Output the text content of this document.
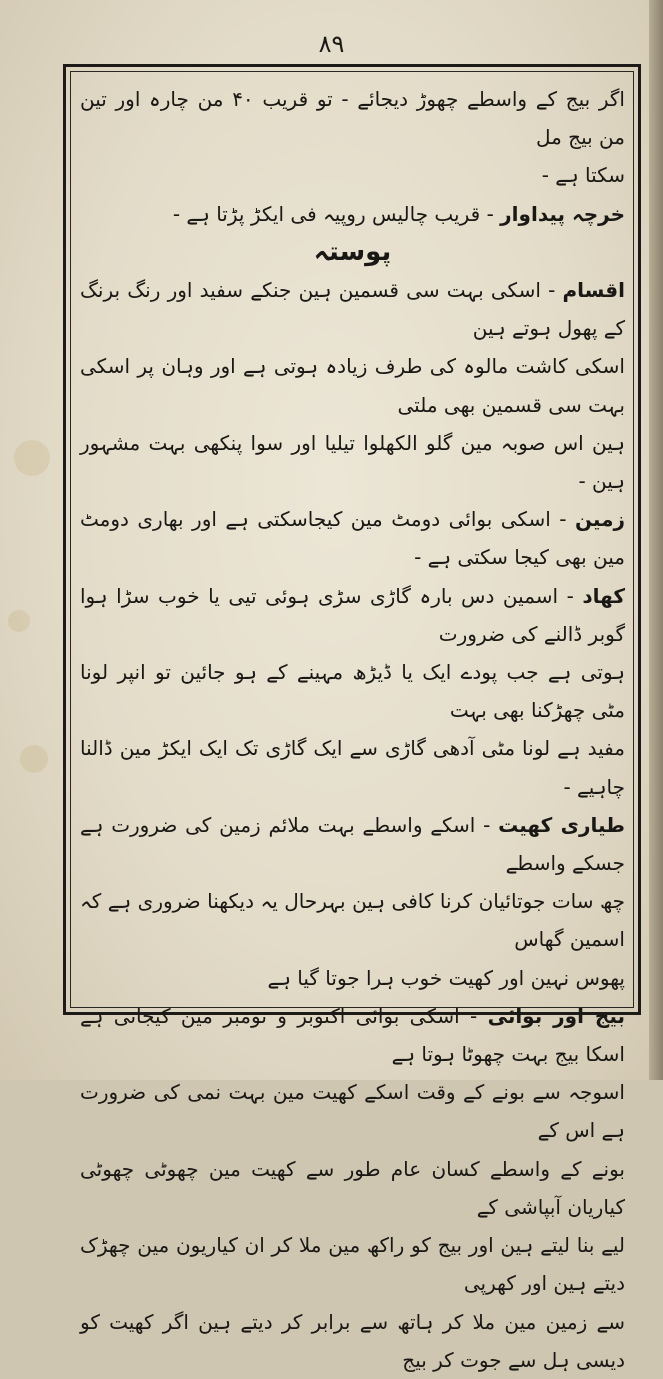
۸۹

اگر بیج کے واسطے چھوڑ دیجائے - تو قریب ۴۰ من چارہ اور تین من بیج مل

سکتا ہے -

خرچہ پیداوار - قریب چالیس روپیہ فی ایکڑ پڑتا ہے -

پوستہ

اقسام - اسکی بہت سی قسمین ہین جنکے سفید اور رنگ برنگ کے پھول ہوتے ہین

اسکی کاشت مالوہ کی طرف زیادہ ہوتی ہے اور وہان پر اسکی بہت سی قسمین بھی ملتی

ہین اس صوبہ مین گلو الکھلوا تیلیا اور سوا پنکھی بہت مشہور ہین -

زمین - اسکی بوائی دومٹ مین کیجاسکتی ہے اور بھاری دومٹ مین بھی کیجا سکتی ہے -

کھاد - اسمین دس بارہ گاڑی سڑی ہوئی تیی یا خوب سڑا ہوا گوبر ڈالنے کی ضرورت

ہوتی ہے جب پودے ایک یا ڈیڑھ مہینے کے ہو جائین تو انپر لونا مٹی چھڑکنا بھی بہت

مفید ہے لونا مٹی آدھی گاڑی سے ایک گاڑی تک ایک ایکڑ مین ڈالنا چاہیے -

طیاری کھیت - اسکے واسطے بہت ملائم زمین کی ضرورت ہے جسکے واسطے

چھ سات جوتائیان کرنا کافی ہین بہرحال یہ دیکھنا ضروری ہے کہ اسمین گھاس

پھوس نہین اور کھیت خوب ہرا جوتا گیا ہے

بیج اور بوائی - اسکی بوائی اکتوبر و نومبر مین کیجاتی ہے اسکا بیج بہت چھوٹا ہوتا ہے

اسوجہ سے بونے کے وقت اسکے کھیت مین بہت نمی کی ضرورت ہے اس کے

بونے کے واسطے کسان عام طور سے کھیت مین چھوٹی چھوٹی کیاریان آبپاشی کے

لیے بنا لیتے ہین اور بیج کو راکھ مین ملا کر ان کیاریون مین چھڑک دیتے ہین اور کھرپی

سے زمین مین ملا کر ہاتھ سے برابر کر دیتے ہین اگر کھیت کو دیسی ہل سے جوت کر بیج
